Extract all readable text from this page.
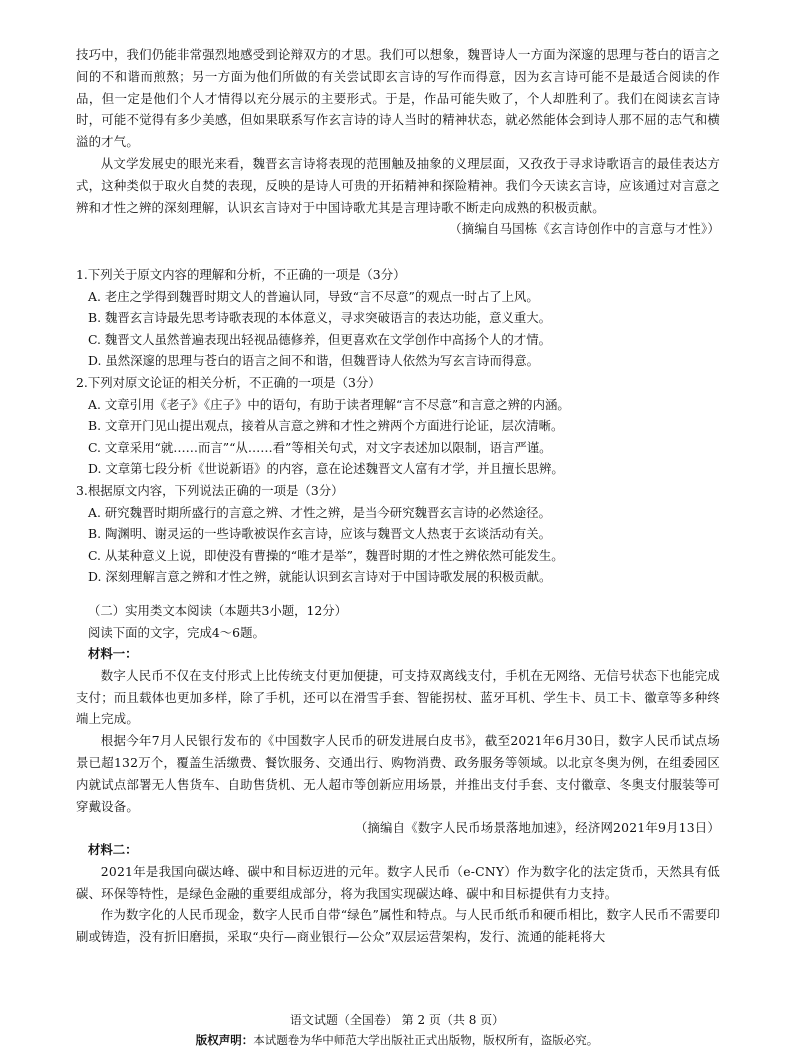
技巧中，我们仍能非常强烈地感受到论辩双方的才思。我们可以想象，魏晋诗人一方面为深邃的思理与苍白的语言之间的不和谐而煎熬；另一方面为他们所做的有关尝试即玄言诗的写作而得意，因为玄言诗可能不是最适合阅读的作品，但一定是他们个人才情得以充分展示的主要形式。于是，作品可能失败了，个人却胜利了。我们在阅读玄言诗时，可能不觉得有多少美感，但如果联系写作玄言诗的诗人当时的精神状态，就必然能体会到诗人那不屈的志气和横溢的才气。

从文学发展史的眼光来看，魏晋玄言诗将表现的范围触及抽象的义理层面，又孜孜于寻求诗歌语言的最佳表达方式，这种类似于取火自焚的表现，反映的是诗人可贵的开拓精神和探险精神。我们今天读玄言诗，应该通过对言意之辨和才性之辨的深刻理解，认识玄言诗对于中国诗歌尤其是言理诗歌不断走向成熟的积极贡献。

（摘编自马国栋《玄言诗创作中的言意与才性》）

1.下列关于原文内容的理解和分析，不正确的一项是（3分）

A. 老庄之学得到魏晋时期文人的普遍认同，导致“言不尽意”的观点一时占了上风。

B. 魏晋玄言诗最先思考诗歌表现的本体意义，寻求突破语言的表达功能，意义重大。

C. 魏晋文人虽然普遍表现出轻视品德修养，但更喜欢在文学创作中高扬个人的才情。

D. 虽然深邃的思理与苍白的语言之间不和谐，但魏晋诗人依然为写玄言诗而得意。

2.下列对原文论证的相关分析，不正确的一项是（3分）

A. 文章引用《老子》《庄子》中的语句，有助于读者理解“言不尽意”和言意之辨的内涵。

B. 文章开门见山提出观点，接着从言意之辨和才性之辨两个方面进行论证，层次清晰。

C. 文章采用“就……而言”“从……看”等相关句式，对文字表述加以限制，语言严谨。

D. 文章第七段分析《世说新语》的内容，意在论述魏晋文人富有才学，并且擅长思辨。

3.根据原文内容，下列说法正确的一项是（3分）

A. 研究魏晋时期所盛行的言意之辨、才性之辨，是当今研究魏晋玄言诗的必然途径。

B. 陶渊明、谢灵运的一些诗歌被误作玄言诗，应该与魏晋文人热衷于玄谈活动有关。

C. 从某种意义上说，即使没有曹操的“唯才是举”，魏晋时期的才性之辨依然可能发生。

D. 深刻理解言意之辨和才性之辨，就能认识到玄言诗对于中国诗歌发展的积极贡献。

（二）实用类文本阅读（本题共3小题，12分）

阅读下面的文字，完成4～6题。

材料一：

数字人民币不仅在支付形式上比传统支付更加便捷，可支持双离线支付，手机在无网络、无信号状态下也能完成支付；而且载体也更加多样，除了手机，还可以在滑雪手套、智能拐杖、蓝牙耳机、学生卡、员工卡、徽章等多种终端上完成。

根据今年7月人民银行发布的《中国数字人民币的研发进展白皮书》，截至2021年6月30日，数字人民币试点场景已超132万个，覆盖生活缴费、餐饮服务、交通出行、购物消费、政务服务等领域。以北京冬奥为例，在组委园区内就试点部署无人售货车、自助售货机、无人超市等创新应用场景，并推出支付手套、支付徽章、冬奥支付服装等可穿戴设备。

（摘编自《数字人民币场景落地加速》，经济网2021年9月13日）

材料二：

2021年是我国向碳达峰、碳中和目标迈进的元年。数字人民币（e-CNY）作为数字化的法定货币，天然具有低碳、环保等特性，是绿色金融的重要组成部分，将为我国实现碳达峰、碳中和目标提供有力支持。

作为数字化的人民币现金，数字人民币自带“绿色”属性和特点。与人民币纸币和硬币相比，数字人民币不需要印刷或铸造，没有折旧磨损，采取“央行—商业银行—公众”双层运营架构，发行、流通的能耗将大

语文试题（全国卷） 第 2 页（共 8 页）
版权声明：本试题卷为华中师范大学出版社正式出版物，版权所有，盗版必究。
